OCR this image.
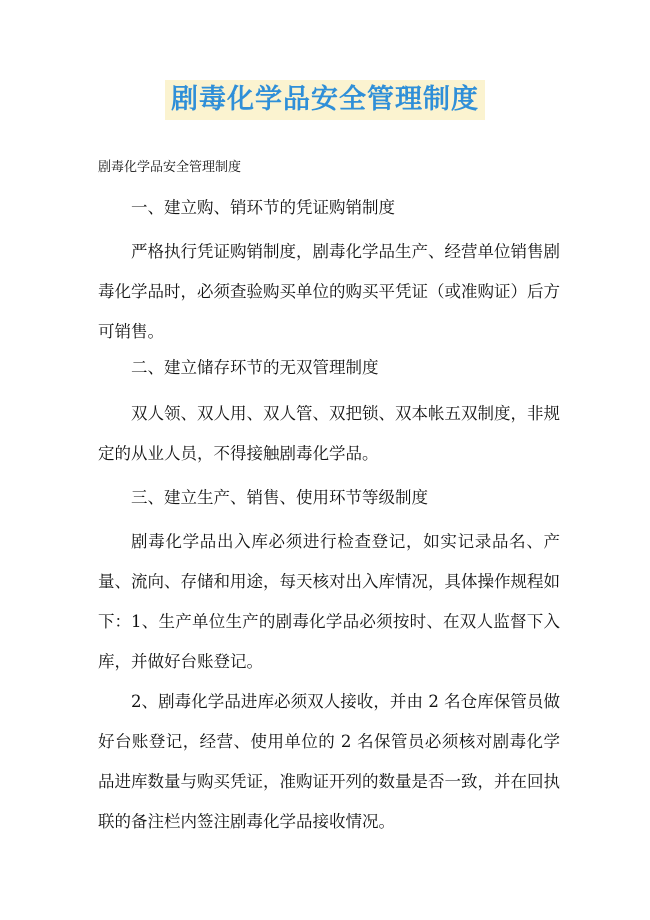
剧毒化学品安全管理制度
剧毒化学品安全管理制度
一、建立购、销环节的凭证购销制度
严格执行凭证购销制度，剧毒化学品生产、经营单位销售剧毒化学品时，必须查验购买单位的购买平凭证（或准购证）后方可销售。
二、建立储存环节的无双管理制度
双人领、双人用、双人管、双把锁、双本帐五双制度，非规定的从业人员，不得接触剧毒化学品。
三、建立生产、销售、使用环节等级制度
剧毒化学品出入库必须进行检查登记，如实记录品名、产量、流向、存储和用途，每天核对出入库情况，具体操作规程如下： 1、生产单位生产的剧毒化学品必须按时、在双人监督下入库，并做好台账登记。
2、剧毒化学品进库必须双人接收，并由 2 名仓库保管员做好台账登记，经营、使用单位的 2 名保管员必须核对剧毒化学品进库数量与购买凭证，准购证开列的数量是否一致，并在回执联的备注栏内签注剧毒化学品接收情况。
